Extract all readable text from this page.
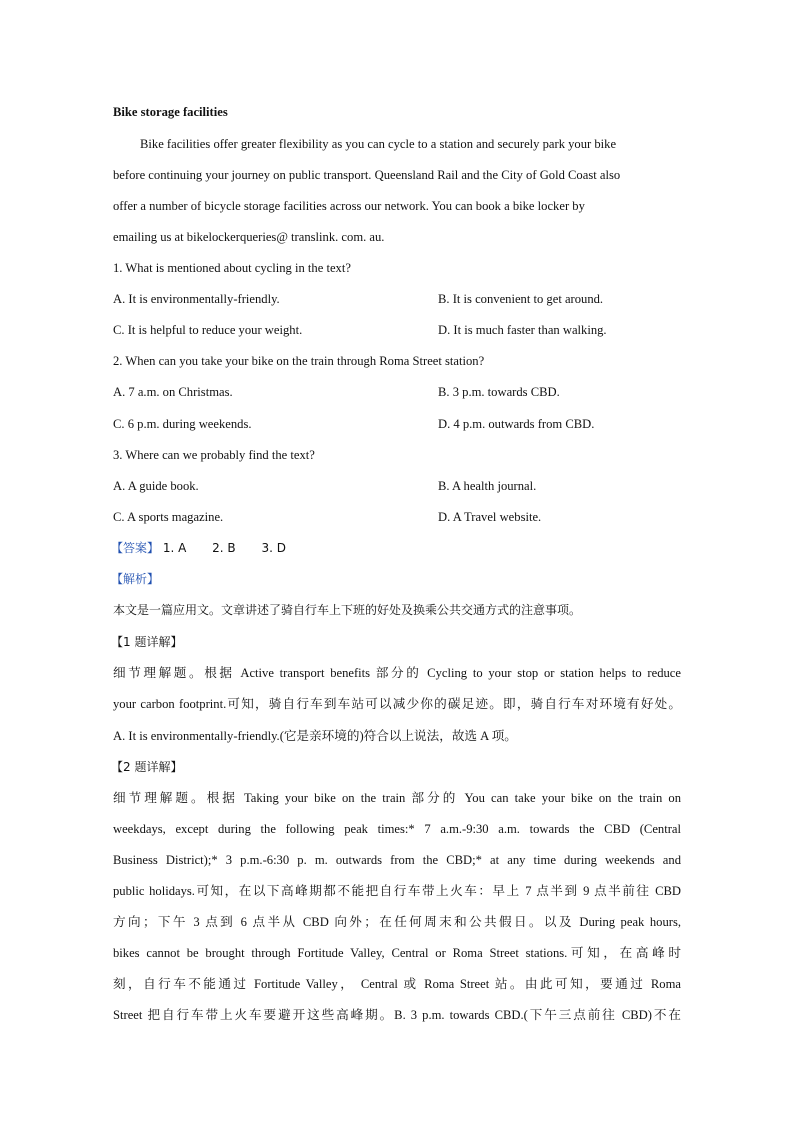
Bike storage facilities
Bike facilities offer greater flexibility as you can cycle to a station and securely park your bike
before continuing your journey on public transport. Queensland Rail and the City of Gold Coast also
offer a number of bicycle storage facilities across our network. You can book a bike locker by
emailing us at bikelockerqueries@ translink. com. au.
1. What is mentioned about cycling in the text?
A. It is environmentally-friendly.	B. It is convenient to get around.
C. It is helpful to reduce your weight.	D. It is much faster than walking.
2. When can you take your bike on the train through Roma Street station?
A. 7 a.m. on Christmas.	B. 3 p.m. towards CBD.
C. 6 p.m. during weekends.	D. 4 p.m. outwards from CBD.
3. Where can we probably find the text?
A. A guide book.	B. A health journal.
C. A sports magazine.	D. A Travel website.
【答案】 1. A 2. B 3. D
【解析】
本文是一篇应用文。文章讲述了骑自行车上下班的好处及换乘公共交通方式的注意事项。
【1 题详解】
细节理解题。根据 Active transport benefits 部分的 Cycling to your stop or station helps to reduce
your carbon footprint.可知，骑自行车到车站可以减少你的碳足迹。即，骑自行车对环境有好处。
A. It is environmentally-friendly.(它是亲环境的)符合以上说法，故选 A 项。
【2 题详解】
细节理解题。根据 Taking your bike on the train 部分的 You can take your bike on the train on
weekdays, except during the following peak times:* 7 a.m.-9:30 a.m. towards the CBD (Central
Business District);* 3 p.m.-6:30 p. m. outwards from the CBD;* at any time during weekends and
public holidays.可知，在以下高峰期都不能把自行车带上火车：早上 7 点半到 9 点半前往 CBD
方向；下午 3 点到 6 点半从 CBD 向外；在任何周末和公共假日。以及 During peak hours,
bikes cannot be brought through Fortitude Valley, Central or Roma Street stations.可知，在高峰时
刻，自行车不能通过 Fortitude Valley， Central 或 Roma Street 站。由此可知，要通过 Roma
Street 把自行车带上火车要避开这些高峰期。B. 3 p.m. towards CBD.(下午三点前往 CBD)不在
